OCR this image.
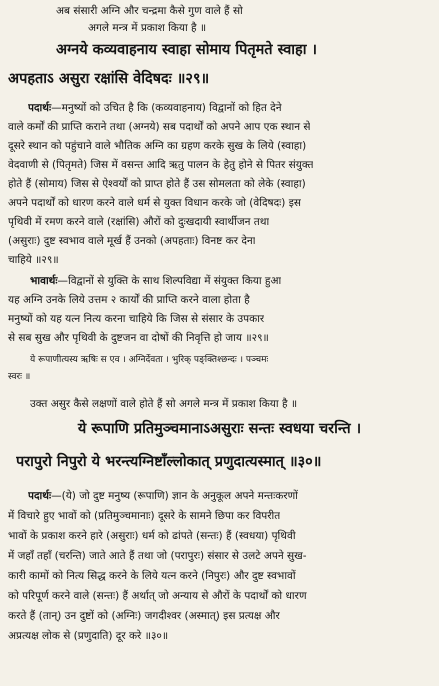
अब संसारी अग्नि और चन्द्रमा कैसे गुण वाले हैं सो
अगले मन्त्र में प्रकाश किया है ॥
अग्नये कव्यवाहनाय स्वाहा सोमाय पितृमते स्वाहा ।
अपहताऽ असुरा रक्षांसि वेदिषदः ॥२९॥
पदार्थः—मनुष्यों को उचित है कि (कव्यवाहनाय) विद्वानों को हित देने
वाले कर्मों की प्राप्ति कराने तथा (अग्नये) सब पदार्थों को अपने आप एक स्थान से
दूसरे स्थान को पहुंचाने वाले भौतिक अग्नि का ग्रहण करके सुख के लिये (स्वाहा)
वेदवाणी से (पितृमते) जिस में वसन्त आदि ऋतु पालन के हेतु होने से पितर संयुक्त
होते हैं (सोमाय) जिस से ऐश्वर्यों को प्राप्त होते हैं उस सोमलता को लेके (स्वाहा)
अपने पदार्थों को धारण करने वाले धर्म से युक्त विधान करके जो (वेदिषदः) इस
पृथिवी में रमण करने वाले (रक्षांसि) औरों को दुःखदायी स्वार्थीजन तथा
(असुराः) दुष्ट स्वभाव वाले मूर्ख हैं उनको (अपहताः) विनष्ट कर देना
चाहिये ॥२९॥
भावार्थः—विद्वानों से युक्ति के साथ शिल्पविद्या में संयुक्त किया हुआ
यह अग्नि उनके लिये उत्तम २ कार्यों की प्राप्ति करने वाला होता है
मनुष्यों को यह यत्न नित्य करना चाहिये कि जिस से संसार के उपकार
से सब सुख और पृथिवी के दुष्टजन वा दोषों की निवृत्ति हो जाय ॥२९॥
ये रूपाणीत्यस्य ऋषिः स एव । अग्निर्देवता । भुरिक् पङ्क्तिश्छन्दः । पञ्चमः
स्वरः ॥
उक्त असुर कैसे लक्षणों वाले होते हैं सो अगले मन्त्र में प्रकाश किया है ॥
ये रूपाणि प्रतिमुञ्चमानाऽअसुराः सन्तः स्वधया चरन्ति ।
परापुरो निपुरो ये भरन्त्यग्निष्टाँल्लोकात् प्रणुदात्यस्मात् ॥३०॥
पदार्थः—(ये) जो दुष्ट मनुष्य (रूपाणि) ज्ञान के अनुकूल अपने मन्तःकरणों
में विचारे हुए भावों को (प्रतिमुञ्चमानाः) दूसरे के सामने छिपा कर विपरीत
भावों के प्रकाश करने हारे (असुराः) धर्म को ढांपते (सन्तः) हैं (स्वधया) पृथिवी
में जहाँ तहाँ (चरन्ति) जाते आते हैं तथा जो (परापुरः) संसार से उलटे अपने सुख-
कारी कामों को नित्य सिद्ध करने के लिये यत्न करने (निपुरः) और दुष्ट स्वभावों
को परिपूर्ण करने वाले (सन्तः) हैं अर्थात् जो अन्याय से औरों के पदार्थों को धारण
करते हैं (तान्) उन दुष्टों को (अग्निः) जगदीश्वर (अस्मात्) इस प्रत्यक्ष और
अप्रत्यक्ष लोक से (प्रणुदाति) दूर करे ॥३०॥
